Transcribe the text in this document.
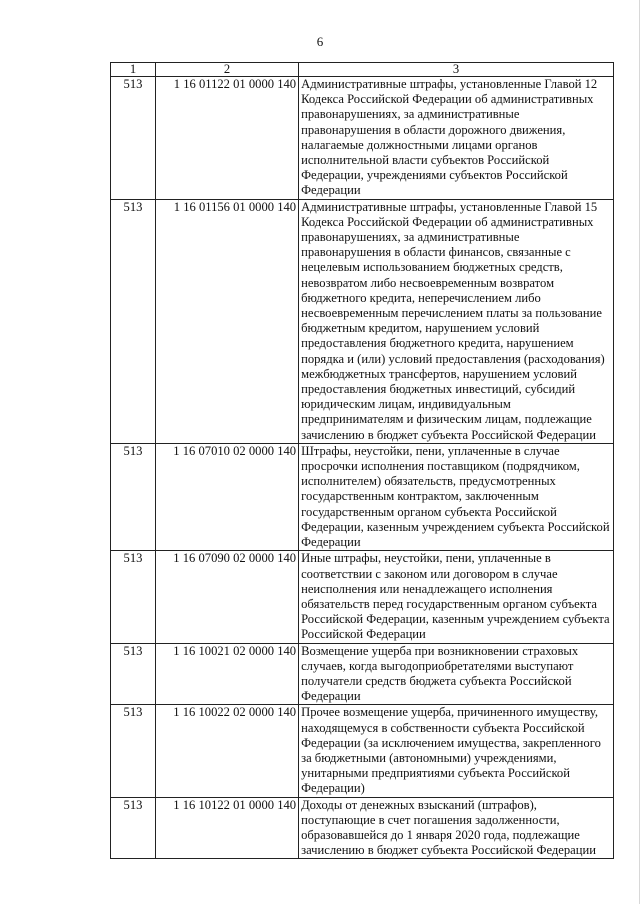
6
1	2	3
513	1 16 01122 01 0000 140	Административные штрафы, установленные Главой 12 Кодекса Российской Федерации об административных правонарушениях, за административные правонарушения в области дорожного движения, налагаемые должностными лицами органов исполнительной власти субъектов Российской Федерации, учреждениями субъектов Российской Федерации
513	1 16 01156 01 0000 140	Административные штрафы, установленные Главой 15 Кодекса Российской Федерации об административных правонарушениях, за административные правонарушения в области финансов, связанные с нецелевым использованием бюджетных средств, невозвратом либо несвоевременным возвратом бюджетного кредита, неперечислением либо несвоевременным перечислением платы за пользование бюджетным кредитом, нарушением условий предоставления бюджетного кредита, нарушением порядка и (или) условий предоставления (расходования) межбюджетных трансфертов, нарушением условий предоставления бюджетных инвестиций, субсидий юридическим лицам, индивидуальным предпринимателям и физическим лицам, подлежащие зачислению в бюджет субъекта Российской Федерации
513	1 16 07010 02 0000 140	Штрафы, неустойки, пени, уплаченные в случае просрочки исполнения поставщиком (подрядчиком, исполнителем) обязательств, предусмотренных государственным контрактом, заключенным государственным органом субъекта Российской Федерации, казенным учреждением субъекта Российской Федерации
513	1 16 07090 02 0000 140	Иные штрафы, неустойки, пени, уплаченные в соответствии с законом или договором в случае неисполнения или ненадлежащего исполнения обязательств перед государственным органом субъекта Российской Федерации, казенным учреждением субъекта Российской Федерации
513	1 16 10021 02 0000 140	Возмещение ущерба при возникновении страховых случаев, когда выгодоприобретателями выступают получатели средств бюджета субъекта Российской Федерации
513	1 16 10022 02 0000 140	Прочее возмещение ущерба, причиненного имуществу, находящемуся в собственности субъекта Российской Федерации (за исключением имущества, закрепленного за бюджетными (автономными) учреждениями, унитарными предприятиями субъекта Российской Федерации)
513	1 16 10122 01 0000 140	Доходы от денежных взысканий (штрафов), поступающие в счет погашения задолженности, образовавшейся до 1 января 2020 года, подлежащие зачислению в бюджет субъекта Российской Федерации
